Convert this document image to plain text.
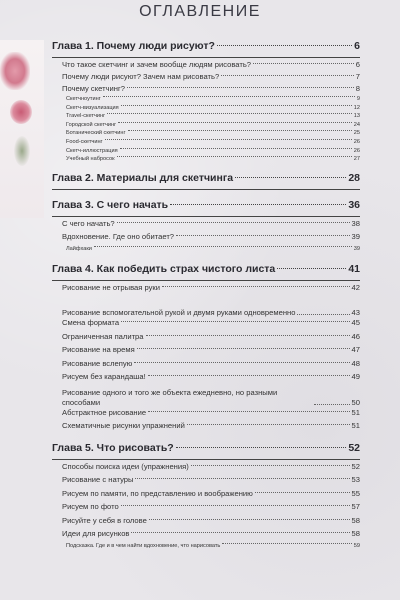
ОГЛАВЛЕНИЕ
Глава 1. Почему люди рисуют?	6
Что такое скетчинг и зачем вообще людям рисовать?	6
Почему люди рисуют? Зачем нам рисовать?	7
Почему скетчинг?	8
Скетчноутинг	9
Скетч-визуализация	12
Travel-скетчинг	13
Городской скетчинг	24
Ботанический скетчинг	25
Food-скетчинг	26
Скетч-иллюстрация	26
Учебный набросок	27
Глава 2. Материалы для скетчинга	28
Глава 3. С чего начать	36
С чего начать?	38
Вдохновение. Где оно обитает?	39
Лайфхаки	39
Глава 4. Как победить страх чистого листа	41
Рисование не отрывая руки	42
Рисование вспомогательной рукой и двумя руками одновременно	43
Смена формата	45
Ограниченная палитра	46
Рисование на время	47
Рисование вслепую	48
Рисуем без карандаша!	49
Рисование одного и того же объекта ежедневно, но разными способами	50
Абстрактное рисование	51
Схематичные рисунки упражнений	51
Глава 5. Что рисовать?	52
Способы поиска идеи (упражнения)	52
Рисование с натуры	53
Рисуем по памяти, по представлению и воображению	55
Рисуем по фото	57
Рисуйте у себя в голове	58
Идеи для рисунков	58
Подсказка. Где и в чем найти вдохновение, что нарисовать	59
